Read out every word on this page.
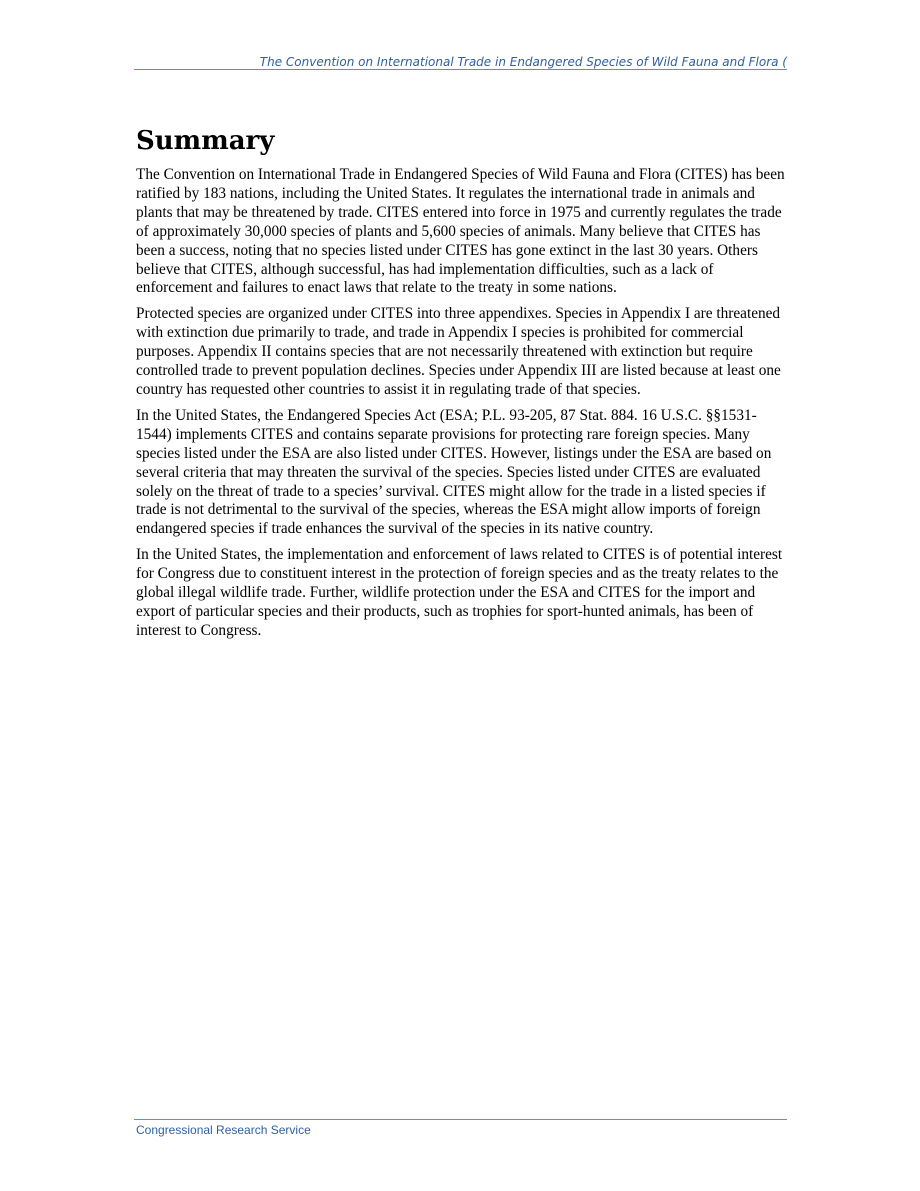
The Convention on International Trade in Endangered Species of Wild Fauna and Flora (
Summary

The Convention on International Trade in Endangered Species of Wild Fauna and Flora (CITES) has been ratified by 183 nations, including the United States. It regulates the international trade in animals and plants that may be threatened by trade. CITES entered into force in 1975 and currently regulates the trade of approximately 30,000 species of plants and 5,600 species of animals. Many believe that CITES has been a success, noting that no species listed under CITES has gone extinct in the last 30 years. Others believe that CITES, although successful, has had implementation difficulties, such as a lack of enforcement and failures to enact laws that relate to the treaty in some nations.

Protected species are organized under CITES into three appendixes. Species in Appendix I are threatened with extinction due primarily to trade, and trade in Appendix I species is prohibited for commercial purposes. Appendix II contains species that are not necessarily threatened with extinction but require controlled trade to prevent population declines. Species under Appendix III are listed because at least one country has requested other countries to assist it in regulating trade of that species.

In the United States, the Endangered Species Act (ESA; P.L. 93-205, 87 Stat. 884. 16 U.S.C. §§1531-1544) implements CITES and contains separate provisions for protecting rare foreign species. Many species listed under the ESA are also listed under CITES. However, listings under the ESA are based on several criteria that may threaten the survival of the species. Species listed under CITES are evaluated solely on the threat of trade to a species’ survival. CITES might allow for the trade in a listed species if trade is not detrimental to the survival of the species, whereas the ESA might allow imports of foreign endangered species if trade enhances the survival of the species in its native country.

In the United States, the implementation and enforcement of laws related to CITES is of potential interest for Congress due to constituent interest in the protection of foreign species and as the treaty relates to the global illegal wildlife trade. Further, wildlife protection under the ESA and CITES for the import and export of particular species and their products, such as trophies for sport-hunted animals, has been of interest to Congress.

Congressional Research Service
